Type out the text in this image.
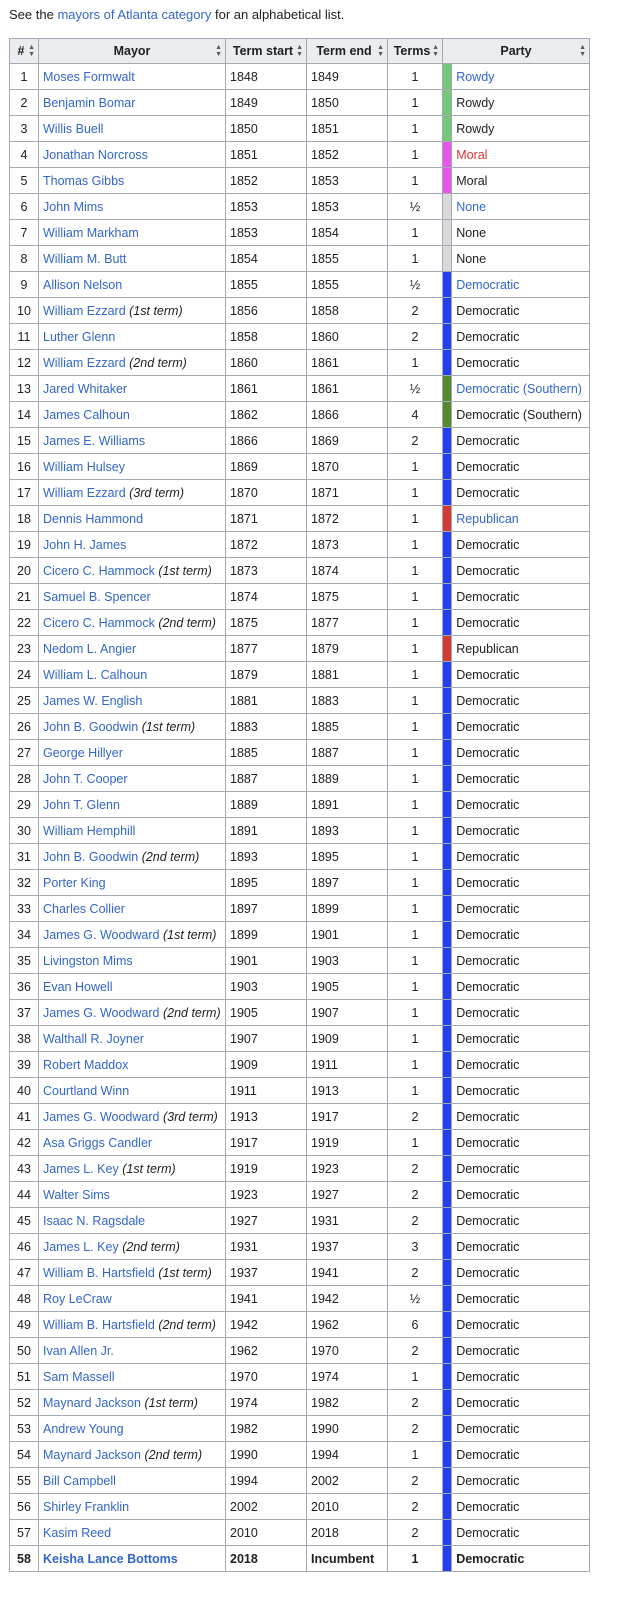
See the mayors of Atlanta category for an alphabetical list.
# ▲
▼	Mayor ▲
▼	Term start ▲
▼	Term end ▲
▼	Terms ▲
▼	Party ▲
▼	

1	Moses Formwalt	1848	1849	1		Rowdy
2	Benjamin Bomar	1849	1850	1		Rowdy
3	Willis Buell	1850	1851	1		Rowdy
4	Jonathan Norcross	1851	1852	1		Moral
5	Thomas Gibbs	1852	1853	1		Moral
6	John Mims	1853	1853	½		None
7	William Markham	1853	1854	1		None
8	William M. Butt	1854	1855	1		None
9	Allison Nelson	1855	1855	½		Democratic
10	William Ezzard (1st term)	1856	1858	2		Democratic
11	Luther Glenn	1858	1860	2		Democratic
12	William Ezzard (2nd term)	1860	1861	1		Democratic
13	Jared Whitaker	1861	1861	½		Democratic (Southern)
14	James Calhoun	1862	1866	4		Democratic (Southern)
15	James E. Williams	1866	1869	2		Democratic
16	William Hulsey	1869	1870	1		Democratic
17	William Ezzard (3rd term)	1870	1871	1		Democratic
18	Dennis Hammond	1871	1872	1		Republican
19	John H. James	1872	1873	1		Democratic
20	Cicero C. Hammock (1st term)	1873	1874	1		Democratic
21	Samuel B. Spencer	1874	1875	1		Democratic
22	Cicero C. Hammock (2nd term)	1875	1877	1		Democratic
23	Nedom L. Angier	1877	1879	1		Republican
24	William L. Calhoun	1879	1881	1		Democratic
25	James W. English	1881	1883	1		Democratic
26	John B. Goodwin (1st term)	1883	1885	1		Democratic
27	George Hillyer	1885	1887	1		Democratic
28	John T. Cooper	1887	1889	1		Democratic
29	John T. Glenn	1889	1891	1		Democratic
30	William Hemphill	1891	1893	1		Democratic
31	John B. Goodwin (2nd term)	1893	1895	1		Democratic
32	Porter King	1895	1897	1		Democratic
33	Charles Collier	1897	1899	1		Democratic
34	James G. Woodward (1st term)	1899	1901	1		Democratic
35	Livingston Mims	1901	1903	1		Democratic
36	Evan Howell	1903	1905	1		Democratic
37	James G. Woodward (2nd term)	1905	1907	1		Democratic
38	Walthall R. Joyner	1907	1909	1		Democratic
39	Robert Maddox	1909	1911	1		Democratic
40	Courtland Winn	1911	1913	1		Democratic
41	James G. Woodward (3rd term)	1913	1917	2		Democratic
42	Asa Griggs Candler	1917	1919	1		Democratic
43	James L. Key (1st term)	1919	1923	2		Democratic
44	Walter Sims	1923	1927	2		Democratic
45	Isaac N. Ragsdale	1927	1931	2		Democratic
46	James L. Key (2nd term)	1931	1937	3		Democratic
47	William B. Hartsfield (1st term)	1937	1941	2		Democratic
48	Roy LeCraw	1941	1942	½		Democratic
49	William B. Hartsfield (2nd term)	1942	1962	6		Democratic
50	Ivan Allen Jr.	1962	1970	2		Democratic
51	Sam Massell	1970	1974	1		Democratic
52	Maynard Jackson (1st term)	1974	1982	2		Democratic
53	Andrew Young	1982	1990	2		Democratic
54	Maynard Jackson (2nd term)	1990	1994	1		Democratic
55	Bill Campbell	1994	2002	2		Democratic
56	Shirley Franklin	2002	2010	2		Democratic
57	Kasim Reed	2010	2018	2		Democratic
58	Keisha Lance Bottoms	2018	Incumbent	1		Democratic
